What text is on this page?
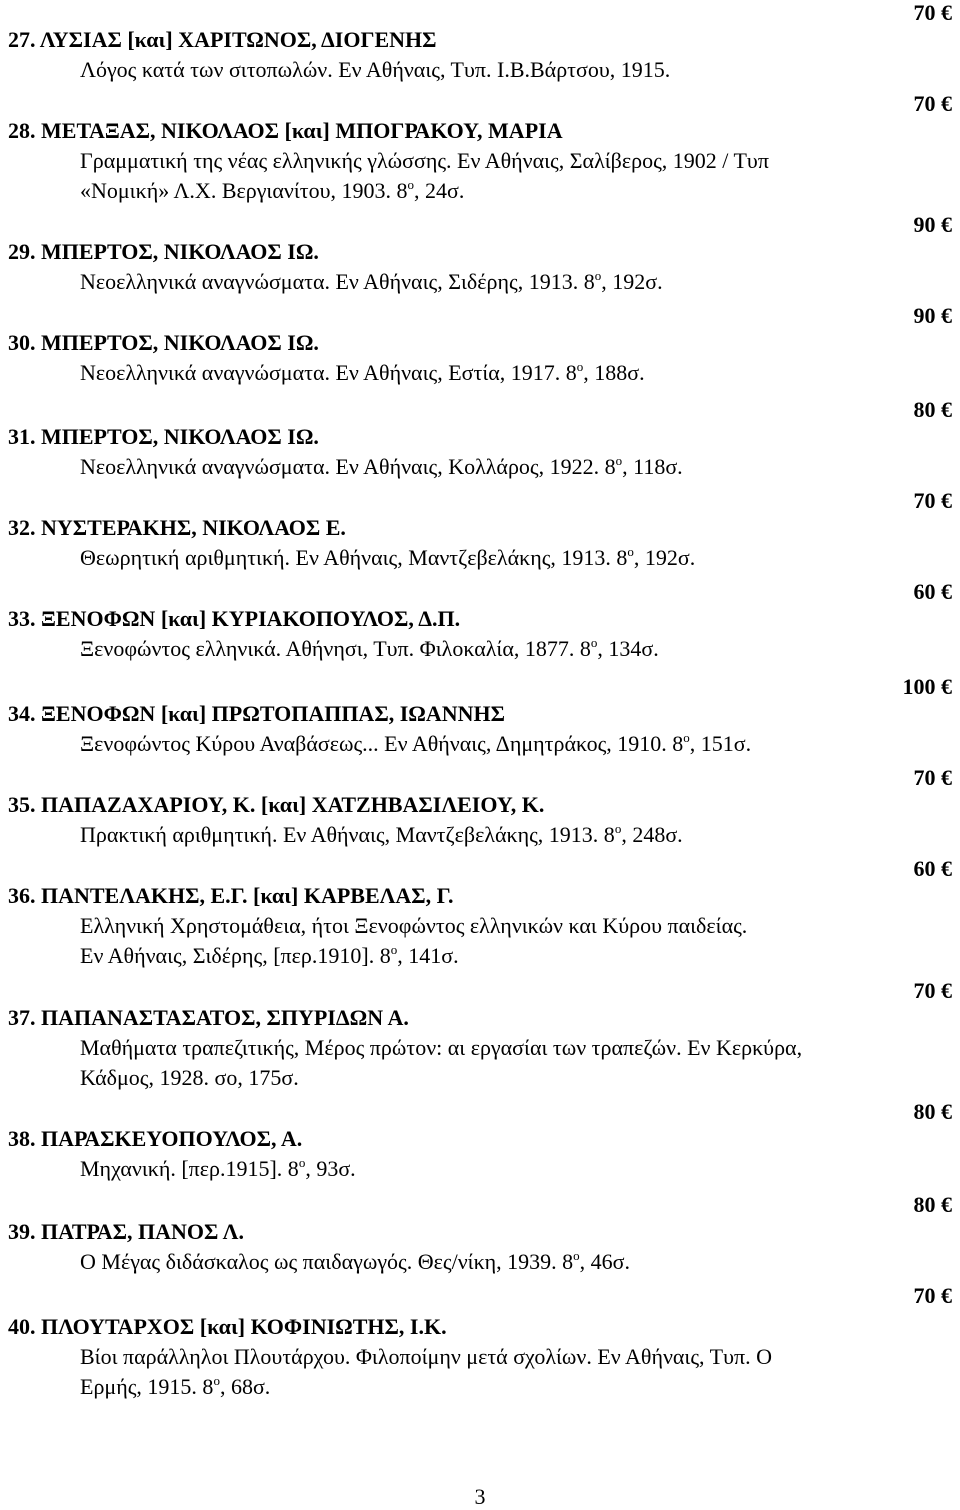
70 €
27. ΛΥΣΙΑΣ [και] ΧΑΡΙΤΩΝΟΣ, ΔΙΟΓΕΝΗΣ
Λόγος κατά των σιτοπωλών. Εν Αθήναις, Τυπ. Ι.Β.Βάρτσου, 1915.
70 €
28. ΜΕΤΑΞΑΣ, ΝΙΚΟΛΑΟΣ [και] ΜΠΟΓΡΑΚΟΥ, ΜΑΡΙΑ
Γραμματική της νέας ελληνικής γλώσσης. Εν Αθήναις, Σαλίβερος, 1902 / Τυπ
«Νομική» Λ.Χ. Βεργιανίτου, 1903. $8^o$, 24σ.
90 €
29. ΜΠΕΡΤΟΣ, ΝΙΚΟΛΑΟΣ ΙΩ.
Νεοελληνικά αναγνώσματα. Εν Αθήναις, Σιδέρης, 1913. $8^o$, 192σ.
90 €
30. ΜΠΕΡΤΟΣ, ΝΙΚΟΛΑΟΣ ΙΩ.
Νεοελληνικά αναγνώσματα. Εν Αθήναις, Εστία, 1917. $8^o$, 188σ.
80 €
31. ΜΠΕΡΤΟΣ, ΝΙΚΟΛΑΟΣ ΙΩ.
Νεοελληνικά αναγνώσματα. Εν Αθήναις, Κολλάρος, 1922. $8^o$, 118σ.
70 €
32. ΝΥΣΤΕΡΑΚΗΣ, ΝΙΚΟΛΑΟΣ Ε.
Θεωρητική αριθμητική. Εν Αθήναις, Μαντζεβελάκης, 1913. $8^o$, 192σ.
60 €
33. ΞΕΝΟΦΩΝ [και] ΚΥΡΙΑΚΟΠΟΥΛΟΣ, Δ.Π.
Ξενοφώντος ελληνικά. Αθήνησι, Τυπ. Φιλοκαλία, 1877. $8^o$, 134σ.
100 €
34. ΞΕΝΟΦΩΝ [και] ΠΡΩΤΟΠΑΠΠΑΣ, ΙΩΑΝΝΗΣ
Ξενοφώντος Κύρου Αναβάσεως... Εν Αθήναις, Δημητράκος, 1910. $8^o$, 151σ.
70 €
35. ΠΑΠΑΖΑΧΑΡΙΟΥ, Κ. [και] ΧΑΤΖΗΒΑΣΙΛΕΙΟΥ, Κ.
Πρακτική αριθμητική. Εν Αθήναις, Μαντζεβελάκης, 1913. $8^o$, 248σ.
60 €
36. ΠΑΝΤΕΛΑΚΗΣ, Ε.Γ. [και] ΚΑΡΒΕΛΑΣ, Γ.
Ελληνική Χρηστομάθεια, ήτοι Ξενοφώντος ελληνικών και Κύρου παιδείας.
Εν Αθήναις, Σιδέρης, [περ.1910]. $8^o$, 141σ.
70 €
37. ΠΑΠΑΝΑΣΤΑΣΑΤΟΣ, ΣΠΥΡΙΔΩΝ Α.
Μαθήματα τραπεζιτικής, Μέρος πρώτον: αι εργασίαι των τραπεζών. Εν Κερκύρα,
Κάδμος, 1928. σο, 175σ.
80 €
38. ΠΑΡΑΣΚΕΥΟΠΟΥΛΟΣ, Α.
Μηχανική. [περ.1915]. $8^o$, 93σ.
80 €
39. ΠΑΤΡΑΣ, ΠΑΝΟΣ Λ.
Ο Μέγας διδάσκαλος ως παιδαγωγός. Θες/νίκη, 1939. $8^o$, 46σ.
70 €
40. ΠΛΟΥΤΑΡΧΟΣ [και] ΚΟΦΙΝΙΩΤΗΣ, Ι.Κ.
Βίοι παράλληλοι Πλουτάρχου. Φιλοποίμην μετά σχολίων. Εν Αθήναις, Τυπ. Ο
Ερμής, 1915. $8^o$, 68σ.
3
